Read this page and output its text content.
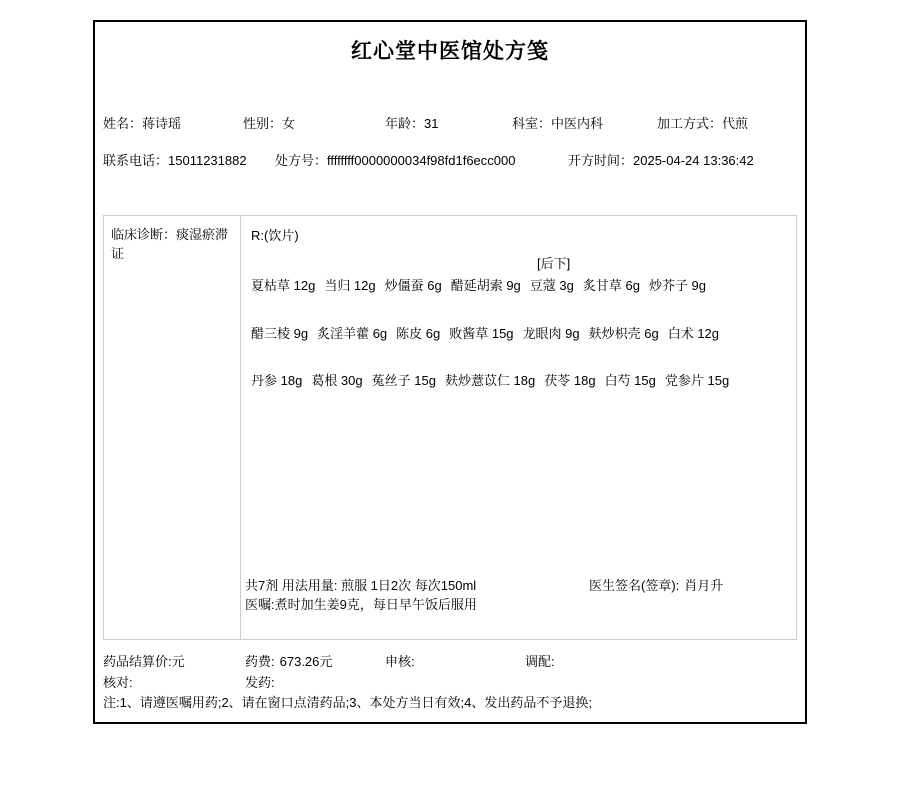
红心堂中医馆处方笺
姓名：蒋诗瑶	性别：女	年龄：31	科室：中医内科	加工方式：代煎
联系电话：15011231882 处方号：ffffffff0000000034f98fd1f6ecc000	开方时间：2025-04-24 13:36:42
临床诊断：痰湿瘀滞证
R:(饮片)
[后下]
夏枯草 12g 当归 12g 炒僵蚕 6g 醋延胡索 9g 豆蔻 3g 炙甘草 6g 炒芥子 9g
醋三棱 9g 炙淫羊藿 6g 陈皮 6g 败酱草 15g 龙眼肉 9g 麸炒枳壳 6g 白术 12g
丹参 18g 葛根 30g 菟丝子 15g 麸炒薏苡仁 18g 茯苓 18g 白芍 15g 党参片 15g
共7剂 用法用量: 煎服 1日2次 每次150ml	医生签名(签章): 肖月升
医嘱:煮时加生姜9克，每日早午饭后服用
药品结算价:元	药费: 673.26元	申核:	调配:
核对:	发药:
注:1、请遵医嘱用药;2、请在窗口点清药品;3、本处方当日有效;4、发出药品不予退换;
